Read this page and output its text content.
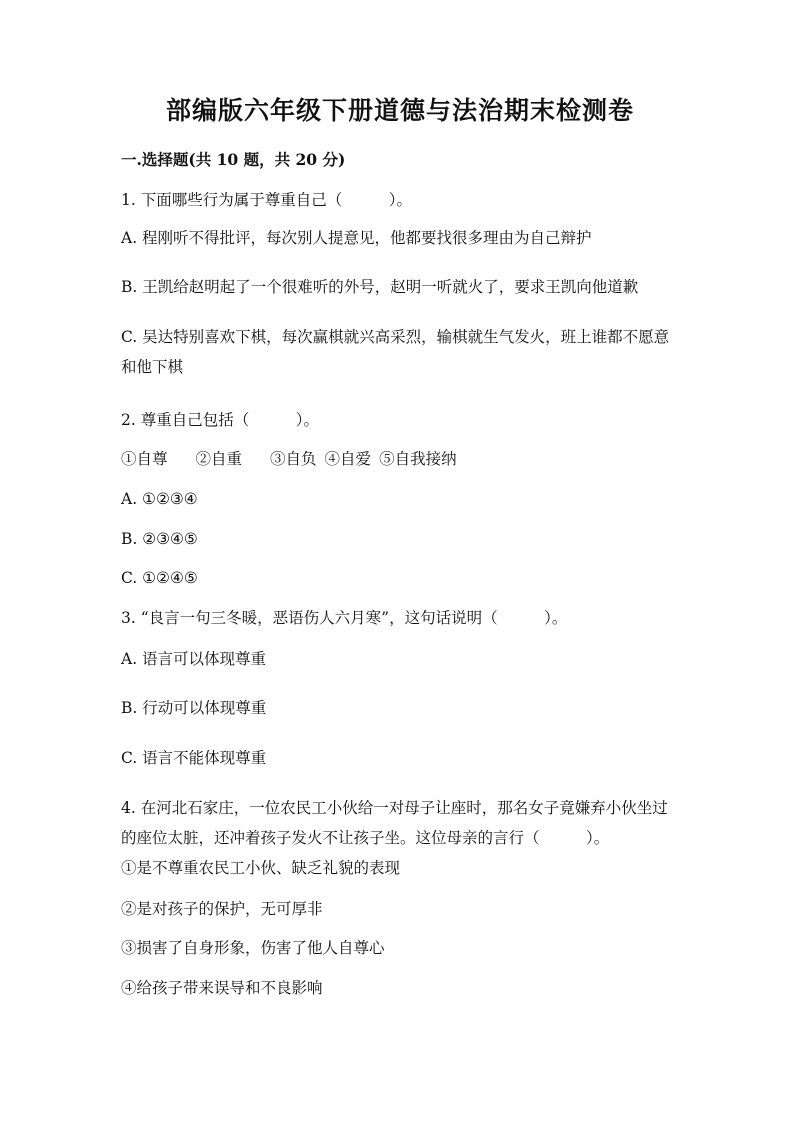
部编版六年级下册道德与法治期末检测卷
一.选择题(共 10 题，共 20 分)
1. 下面哪些行为属于尊重自己（　　　）。
A. 程刚听不得批评，每次别人提意见，他都要找很多理由为自己辩护
B. 王凯给赵明起了一个很难听的外号，赵明一听就火了，要求王凯向他道歉
C. 吴达特别喜欢下棋，每次赢棋就兴高采烈，输棋就生气发火，班上谁都不愿意和他下棋
2. 尊重自己包括（　　　）。
①自尊 ②自重 ③自负 ④自爱 ⑤自我接纳
A. ①②③④
B. ②③④⑤
C. ①②④⑤
3. “良言一句三冬暖，恶语伤人六月寒”，这句话说明（　　　）。
A. 语言可以体现尊重
B. 行动可以体现尊重
C. 语言不能体现尊重
4. 在河北石家庄，一位农民工小伙给一对母子让座时，那名女子竟嫌弃小伙坐过的座位太脏，还冲着孩子发火不让孩子坐。这位母亲的言行（　　　）。
①是不尊重农民工小伙、缺乏礼貌的表现
②是对孩子的保护，无可厚非
③损害了自身形象，伤害了他人自尊心
④给孩子带来误导和不良影响
